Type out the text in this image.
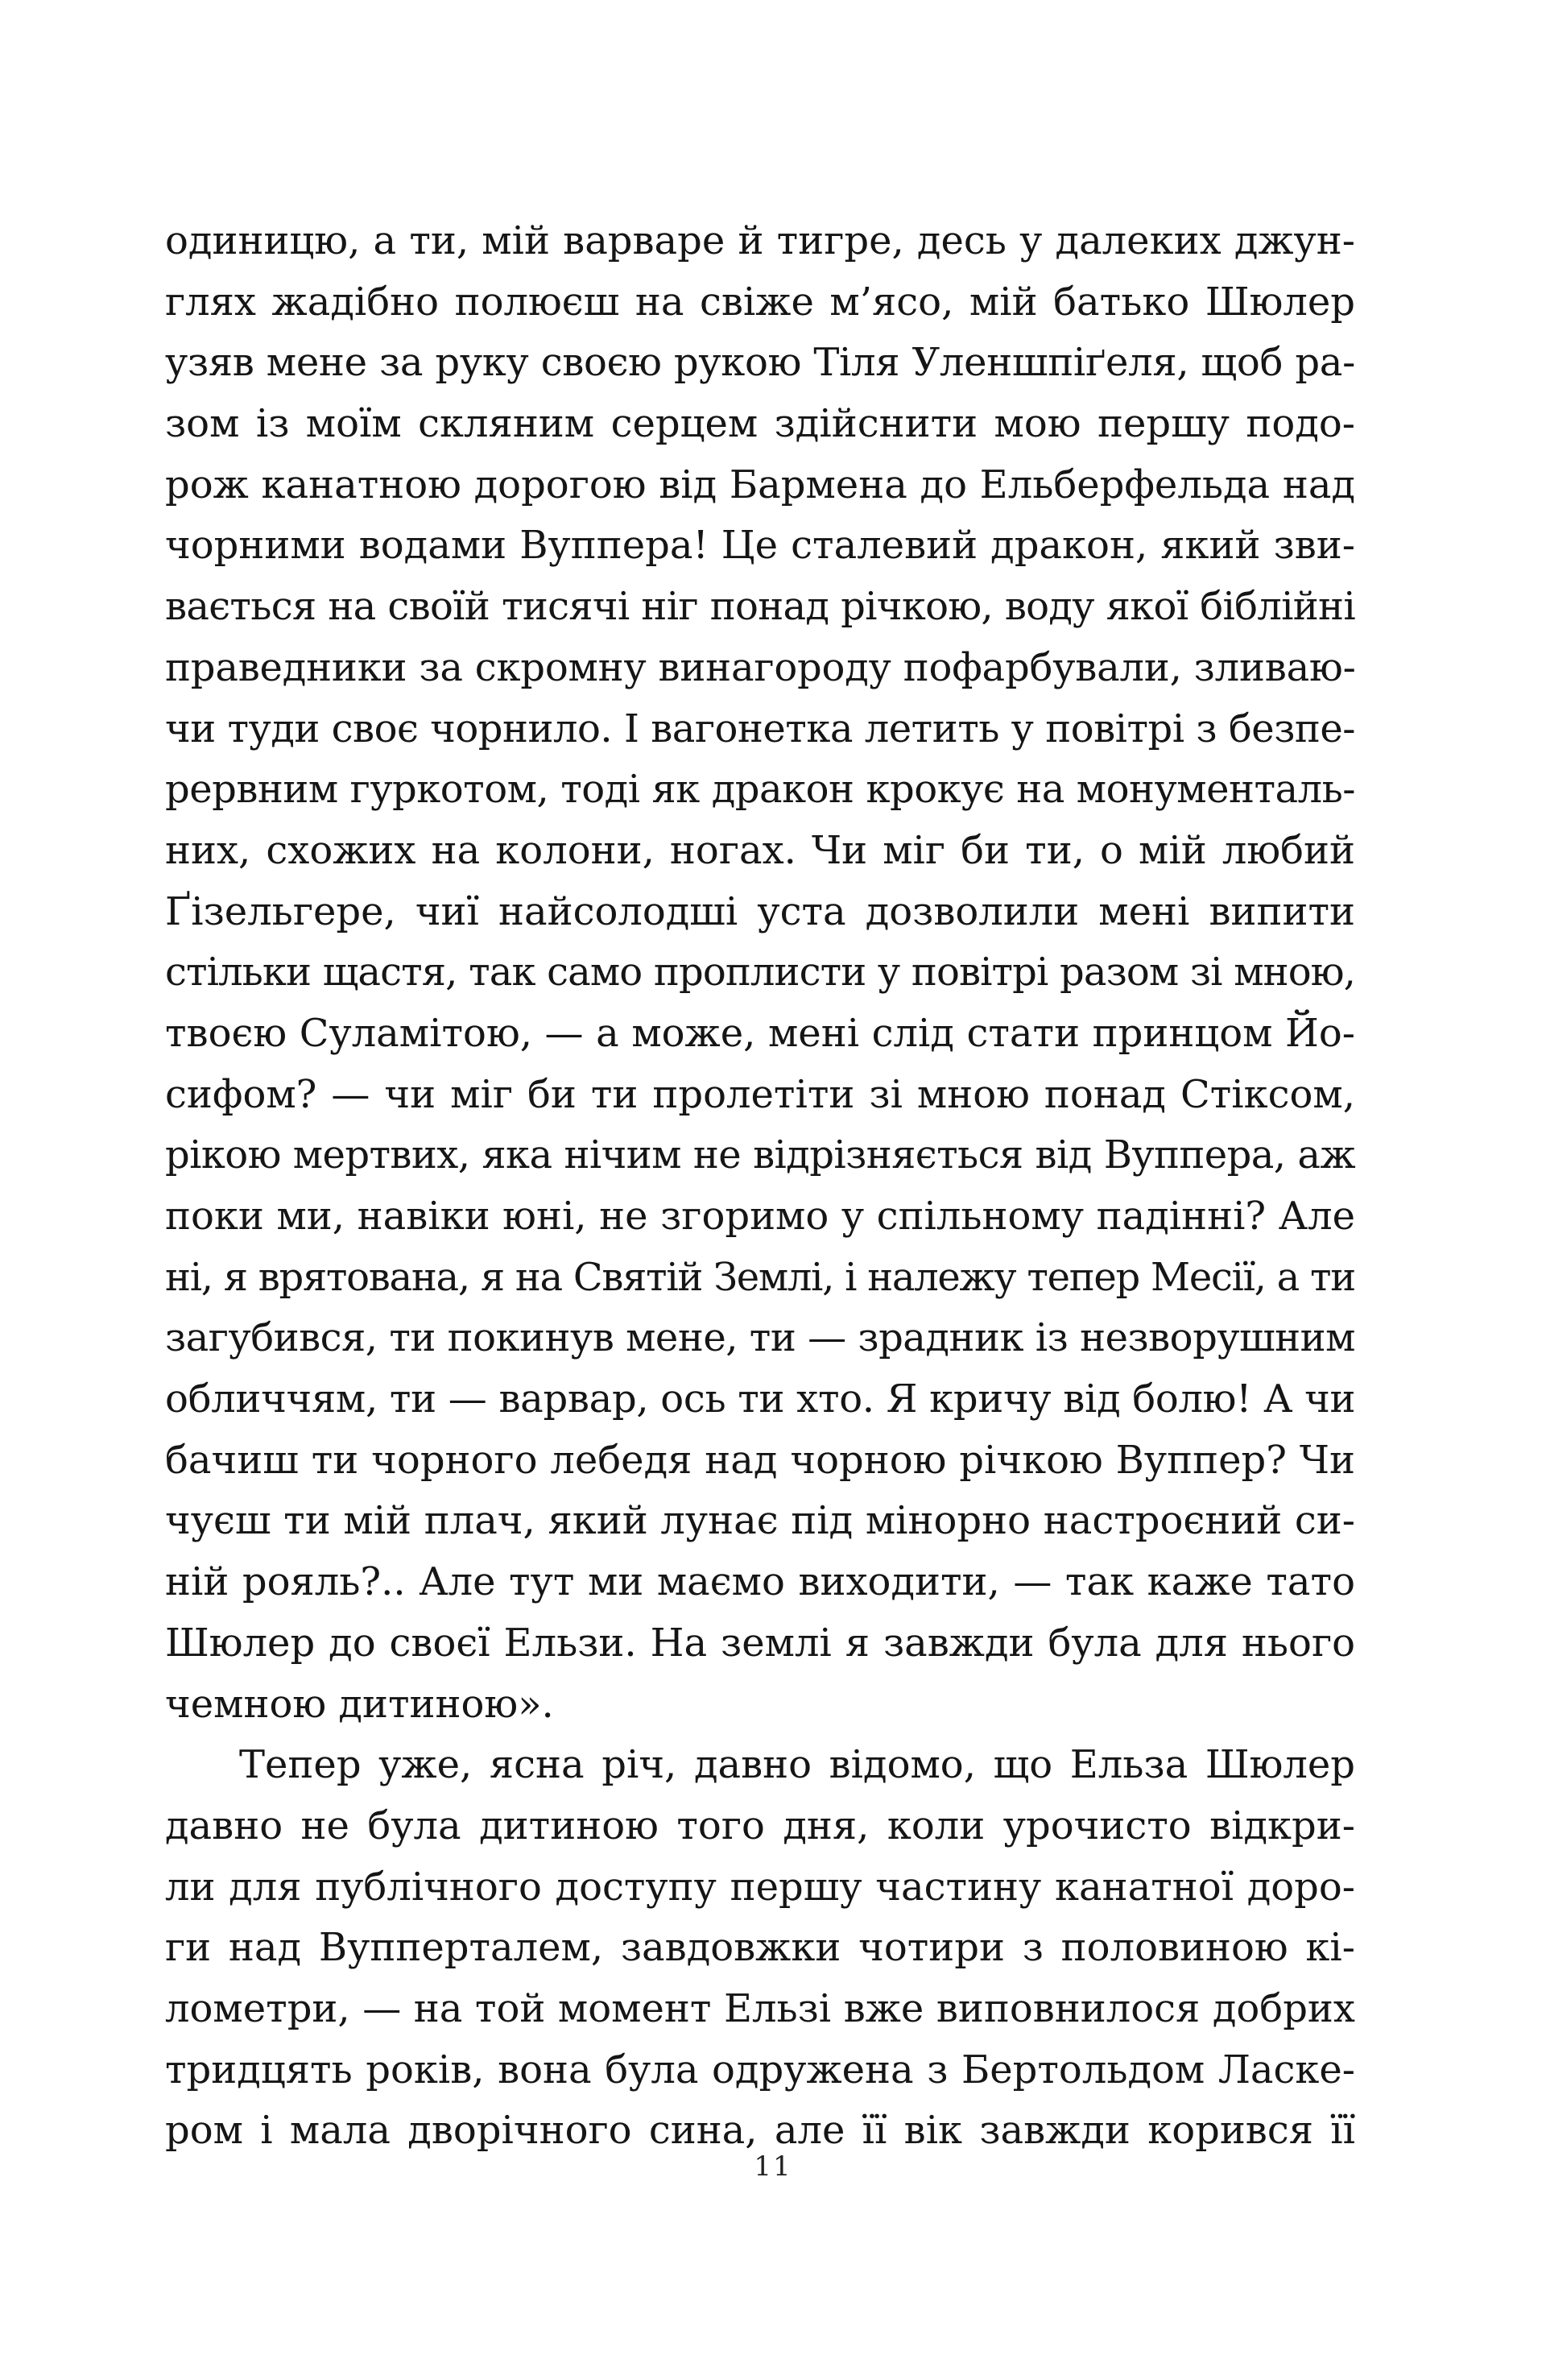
одиницю, а ти, мій варваре й тигре, десь у далеких джун-
глях жадібно полюєш на свіже м’ясо, мій батько Шюлер
узяв мене за руку своєю рукою Тіля Уленшпіґеля, щоб ра-
зом із моїм скляним серцем здійснити мою першу подо-
рож канатною дорогою від Бармена до Ельберфельда над
чорними водами Вуппера! Це сталевий дракон, який зви-
вається на своїй тисячі ніг понад річкою, воду якої біблійні
праведники за скромну винагороду пофарбували, зливаю-
чи туди своє чорнило. І вагонетка летить у повітрі з безпе-
рервним гуркотом, тоді як дракон крокує на монументаль-
них, схожих на колони, ногах. Чи міг би ти, о мій любий
Ґізельгере, чиї найсолодші уста дозволили мені випити
стільки щастя, так само проплисти у повітрі разом зі мною,
твоєю Суламітою, — а може, мені слід стати принцом Йо-
сифом? — чи міг би ти пролетіти зі мною понад Стіксом,
рікою мертвих, яка нічим не відрізняється від Вуппера, аж
поки ми, навіки юні, не згоримо у спільному падінні? Але
ні, я врятована, я на Святій Землі, і належу тепер Месії, а ти
загубився, ти покинув мене, ти — зрадник із незворушним
обличчям, ти — варвар, ось ти хто. Я кричу від болю! А чи
бачиш ти чорного лебедя над чорною річкою Вуппер? Чи
чуєш ти мій плач, який лунає під мінорно настроєний си-
ній рояль?.. Але тут ми маємо виходити, — так каже тато
Шюлер до своєї Ельзи. На землі я завжди була для нього
чемною дитиною».
Тепер уже, ясна річ, давно відомо, що Ельза Шюлер
давно не була дитиною того дня, коли урочисто відкри-
ли для публічного доступу першу частину канатної доро-
ги над Вупперталем, завдовжки чотири з половиною кі-
лометри, — на той момент Ельзі вже виповнилося добрих
тридцять років, вона була одружена з Бертольдом Ласке-
ром і мала дворічного сина, але її вік завжди корився її
11
